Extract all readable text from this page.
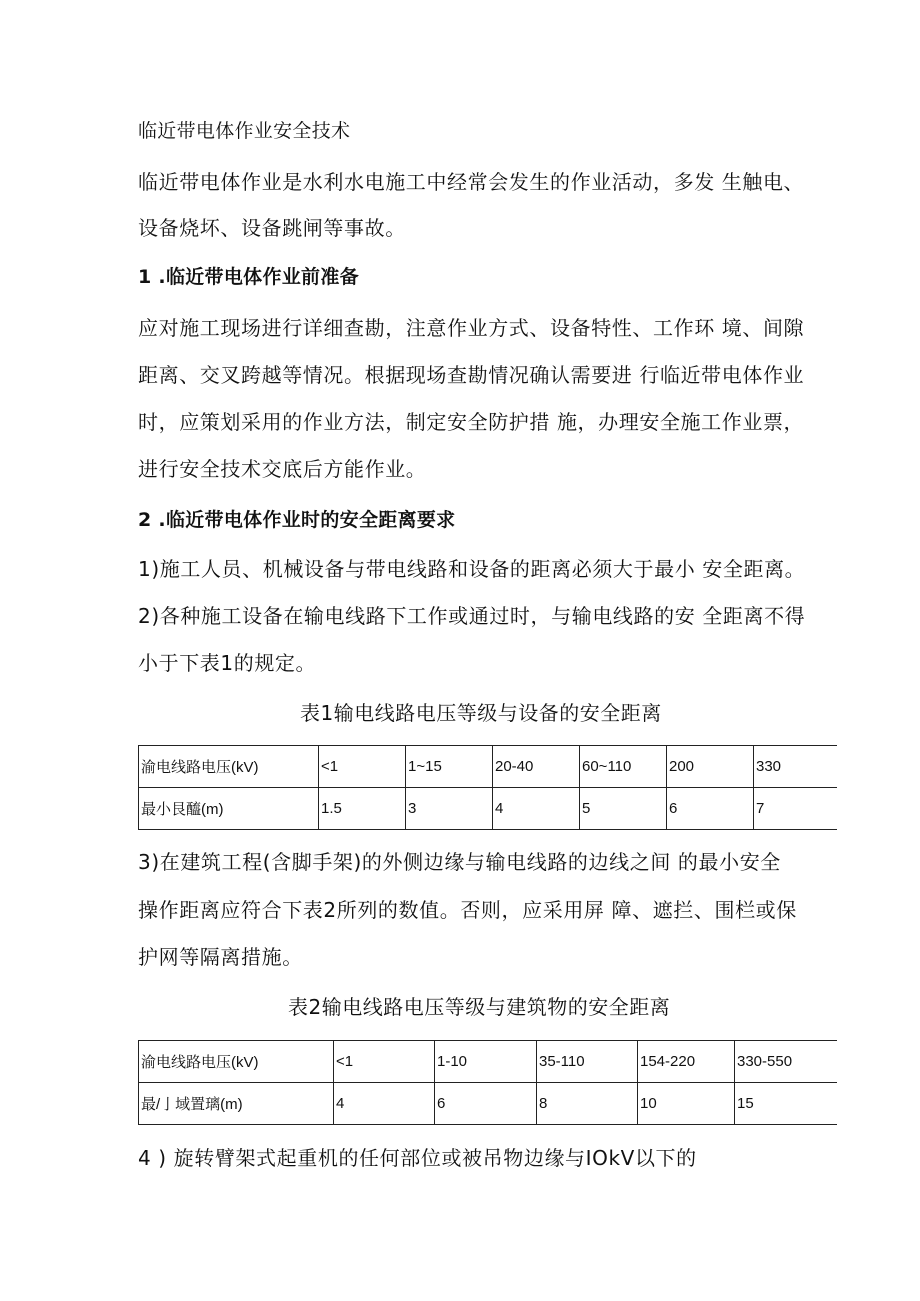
临近带电体作业安全技术
临近带电体作业是水利水电施工中经常会发生的作业活动，多发 生触电、
设备烧坏、设备跳闸等事故。
1 .临近带电体作业前准备
应对施工现场进行详细查勘，注意作业方式、设备特性、工作环 境、间隙
距离、交叉跨越等情况。根据现场查勘情况确认需要进 行临近带电体作业
时，应策划采用的作业方法，制定安全防护措 施，办理安全施工作业票，
进行安全技术交底后方能作业。
2 .临近带电体作业时的安全距离要求
1)施工人员、机械设备与带电线路和设备的距离必须大于最小 安全距离。
2)各种施工设备在输电线路下工作或通过时，与输电线路的安 全距离不得
小于下表1的规定。
表1输电线路电压等级与设备的安全距离
渝电线路电压(kV)	<1	1~15	20-40	60~110	200	330
最小艮醯(m)	1.5	3	4	5	6	7
3)在建筑工程(含脚手架)的外侧边缘与输电线路的边线之间 的最小安全
操作距离应符合下表2所列的数值。否则，应采用屏 障、遮拦、围栏或保
护网等隔离措施。
表2输电线路电压等级与建筑物的安全距离
渝电线路电压(kV)	<1	1-10	35-110	154-220	330-550
最/亅域置璃(m)	4	6	8	10	15
4 ) 旋转臂架式起重机的任何部位或被吊物边缘与IOkV以下的
